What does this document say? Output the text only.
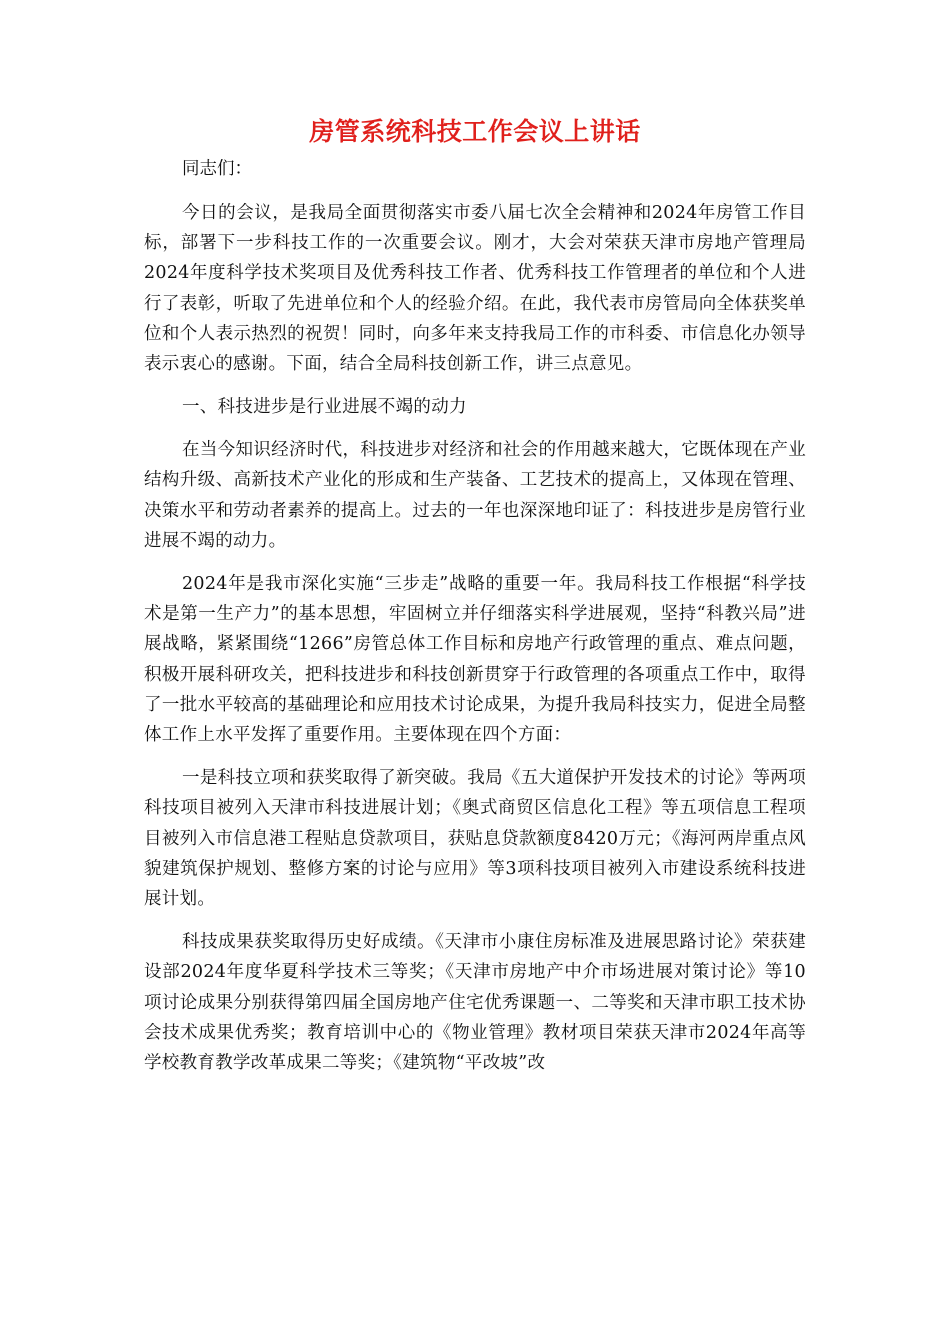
房管系统科技工作会议上讲话

同志们：

今日的会议，是我局全面贯彻落实市委八届七次全会精神和2024年房管工作目标，部署下一步科技工作的一次重要会议。刚才，大会对荣获天津市房地产管理局2024年度科学技术奖项目及优秀科技工作者、优秀科技工作管理者的单位和个人进行了表彰，听取了先进单位和个人的经验介绍。在此，我代表市房管局向全体获奖单位和个人表示热烈的祝贺！同时，向多年来支持我局工作的市科委、市信息化办领导表示衷心的感谢。下面，结合全局科技创新工作，讲三点意见。

一、科技进步是行业进展不竭的动力

在当今知识经济时代，科技进步对经济和社会的作用越来越大，它既体现在产业结构升级、高新技术产业化的形成和生产装备、工艺技术的提高上，又体现在管理、决策水平和劳动者素养的提高上。过去的一年也深深地印证了：科技进步是房管行业进展不竭的动力。

2024年是我市深化实施“三步走”战略的重要一年。我局科技工作根据“科学技术是第一生产力”的基本思想，牢固树立并仔细落实科学进展观，坚持“科教兴局”进展战略，紧紧围绕“1266”房管总体工作目标和房地产行政管理的重点、难点问题，积极开展科研攻关，把科技进步和科技创新贯穿于行政管理的各项重点工作中，取得了一批水平较高的基础理论和应用技术讨论成果，为提升我局科技实力，促进全局整体工作上水平发挥了重要作用。主要体现在四个方面：

一是科技立项和获奖取得了新突破。我局《五大道保护开发技术的讨论》等两项科技项目被列入天津市科技进展计划；《奥式商贸区信息化工程》等五项信息工程项目被列入市信息港工程贴息贷款项目，获贴息贷款额度8420万元；《海河两岸重点风貌建筑保护规划、整修方案的讨论与应用》等3项科技项目被列入市建设系统科技进展计划。

科技成果获奖取得历史好成绩。《天津市小康住房标准及进展思路讨论》荣获建设部2024年度华夏科学技术三等奖；《天津市房地产中介市场进展对策讨论》等10项讨论成果分别获得第四届全国房地产住宅优秀课题一、二等奖和天津市职工技术协会技术成果优秀奖；教育培训中心的《物业管理》教材项目荣获天津市2024年高等学校教育教学改革成果二等奖；《建筑物“平改坡”改
